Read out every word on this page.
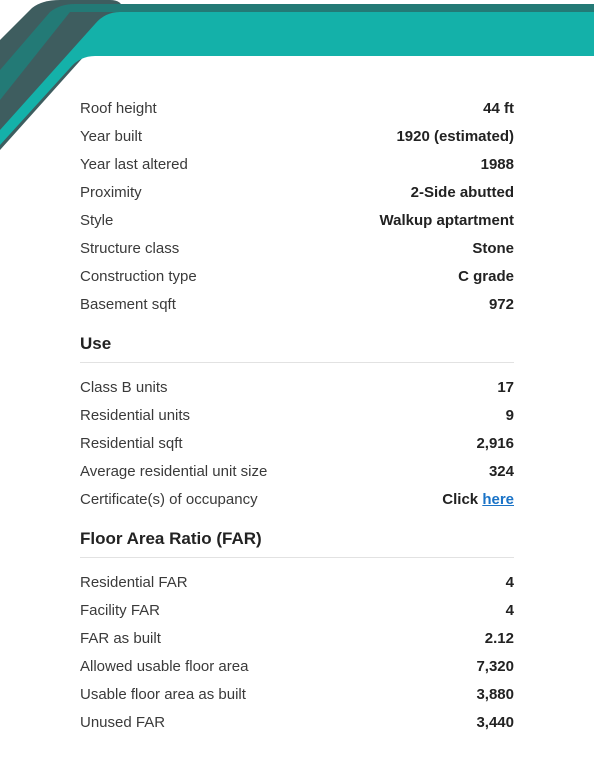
Roof height	44 ft
Year built	1920 (estimated)
Year last altered	1988
Proximity	2-Side abutted
Style	Walkup aptartment
Structure class	Stone
Construction type	C grade
Basement sqft	972
Use
Class B units	17
Residential units	9
Residential sqft	2,916
Average residential unit size	324
Certificate(s) of occupancy	Click here
Floor Area Ratio (FAR)
Residential FAR	4
Facility FAR	4
FAR as built	2.12
Allowed usable floor area	7,320
Usable floor area as built	3,880
Unused FAR	3,440
